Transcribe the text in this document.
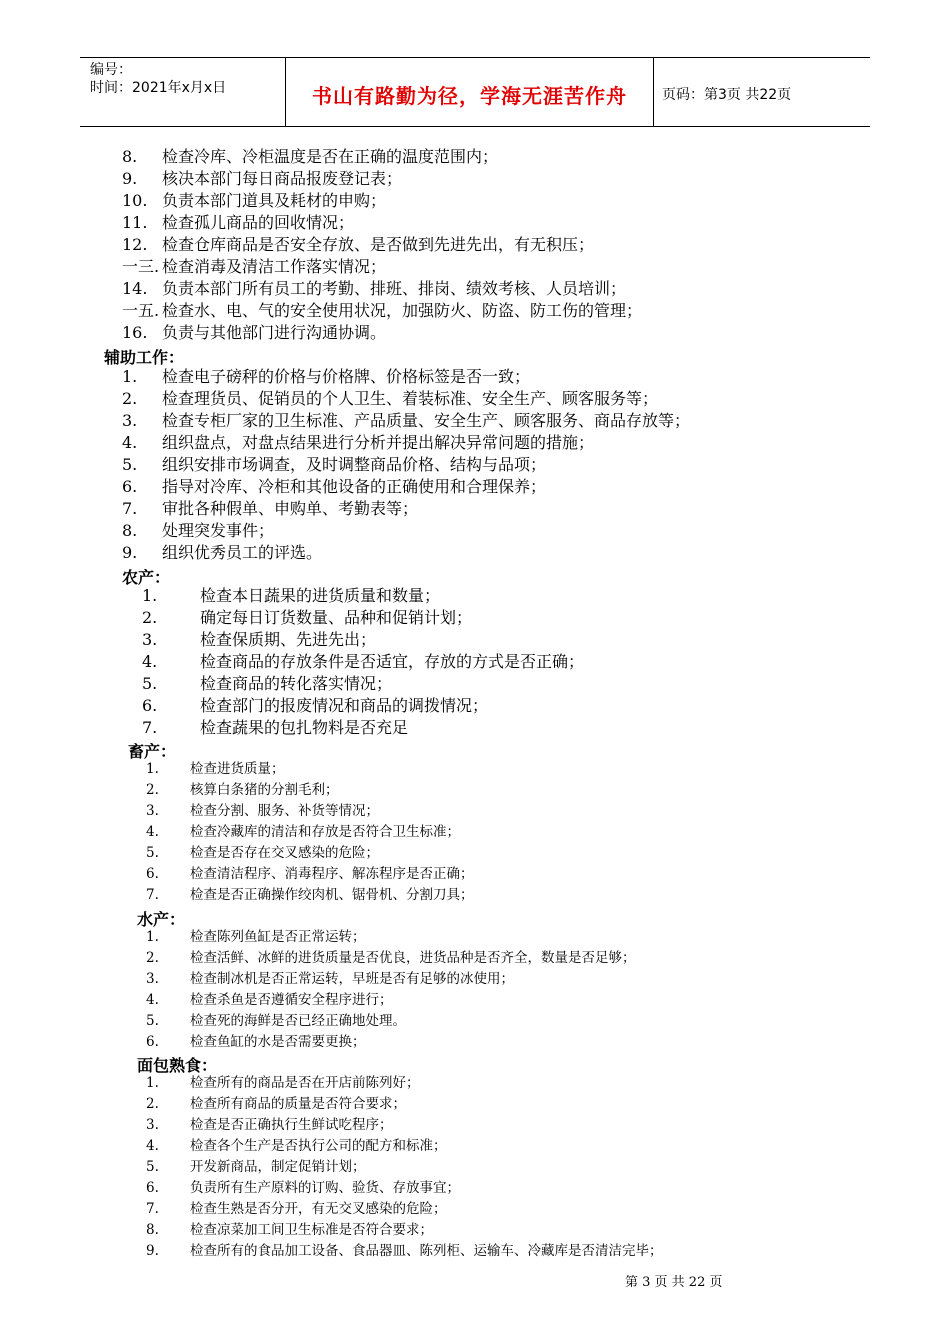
编号：
时间：2021年x月x日	书山有路勤为径，学海无涯苦作舟	页码：第3页 共22页
8. 检查冷库、冷柜温度是否在正确的温度范围内；
9. 核决本部门每日商品报废登记表；
10. 负责本部门道具及耗材的申购；
11. 检查孤儿商品的回收情况；
12. 检查仓库商品是否安全存放、是否做到先进先出，有无积压；
一三. 检查消毒及清洁工作落实情况；
14. 负责本部门所有员工的考勤、排班、排岗、绩效考核、人员培训；
一五. 检查水、电、气的安全使用状况，加强防火、防盗、防工伤的管理；
16. 负责与其他部门进行沟通协调。
辅助工作：
1. 检查电子磅秤的价格与价格牌、价格标签是否一致；
2. 检查理货员、促销员的个人卫生、着装标准、安全生产、顾客服务等；
3. 检查专柜厂家的卫生标准、产品质量、安全生产、顾客服务、商品存放等；
4. 组织盘点，对盘点结果进行分析并提出解决异常问题的措施；
5. 组织安排市场调查，及时调整商品价格、结构与品项；
6. 指导对冷库、冷柜和其他设备的正确使用和合理保养；
7. 审批各种假单、申购单、考勤表等；
8. 处理突发事件；
9. 组织优秀员工的评选。
农产：
1.	检查本日蔬果的进货质量和数量；
2.	确定每日订货数量、品种和促销计划；
3.	检查保质期、先进先出；
4.	检查商品的存放条件是否适宜，存放的方式是否正确；
5.	检查商品的转化落实情况；
6.	检查部门的报废情况和商品的调拨情况；
7.	检查蔬果的包扎物料是否充足
畜产：
1. 检查进货质量；
2. 核算白条猪的分割毛利；
3. 检查分割、服务、补货等情况；
4. 检查冷藏库的清洁和存放是否符合卫生标准；
5. 检查是否存在交叉感染的危险；
6. 检查清洁程序、消毒程序、解冻程序是否正确；
7. 检查是否正确操作绞肉机、锯骨机、分割刀具；
水产：
1. 检查陈列鱼缸是否正常运转；
2. 检查活鲜、冰鲜的进货质量是否优良，进货品种是否齐全，数量是否足够；
3. 检查制冰机是否正常运转，早班是否有足够的冰使用；
4. 检查杀鱼是否遵循安全程序进行；
5. 检查死的海鲜是否已经正确地处理。
6. 检查鱼缸的水是否需要更换；
面包熟食：
1. 检查所有的商品是否在开店前陈列好；
2. 检查所有商品的质量是否符合要求；
3. 检查是否正确执行生鲜试吃程序；
4. 检查各个生产是否执行公司的配方和标准；
5. 开发新商品，制定促销计划；
6. 负责所有生产原料的订购、验货、存放事宜；
7. 检查生熟是否分开，有无交叉感染的危险；
8. 检查凉菜加工间卫生标准是否符合要求；
9. 检查所有的食品加工设备、食品器皿、陈列柜、运输车、冷藏库是否清洁完毕；
第 3 页 共 22 页
